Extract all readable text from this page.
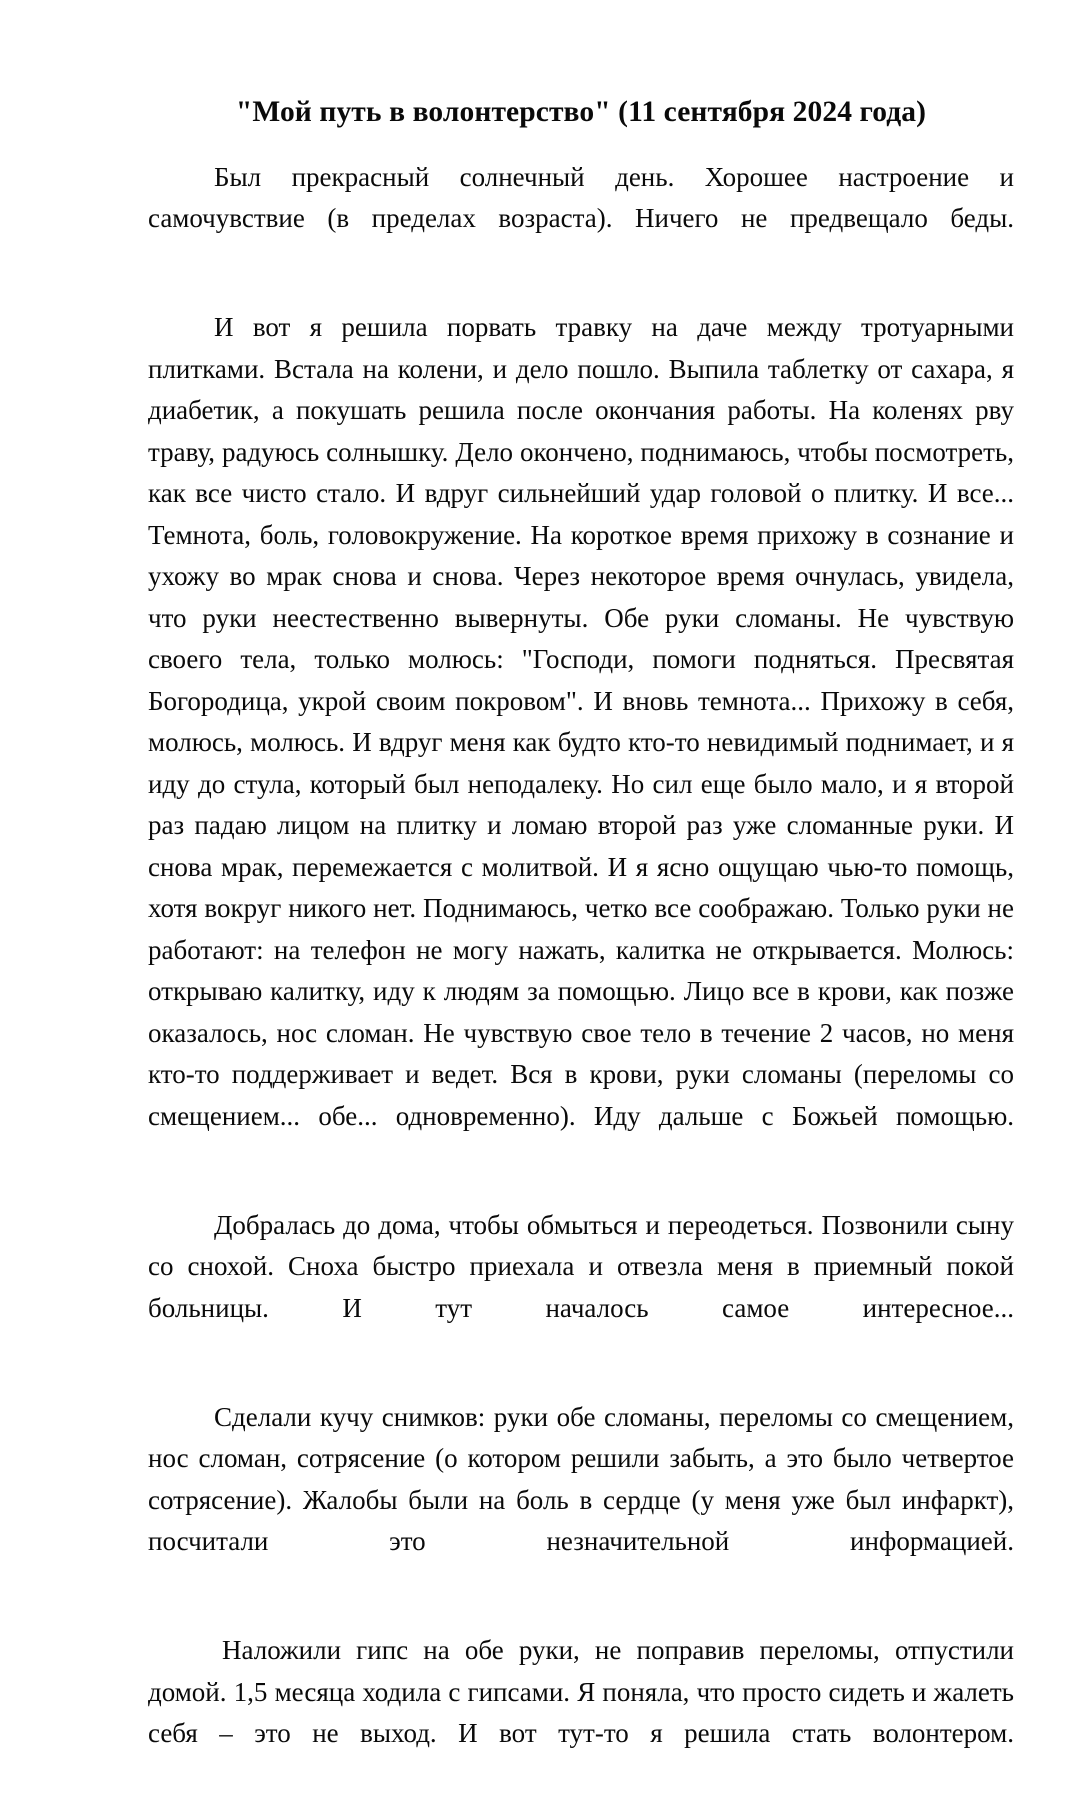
"Мой путь в волонтерство" (11 сентября 2024 года)

Был прекрасный солнечный день. Хорошее настроение и самочувствие (в пределах возраста). Ничего не предвещало беды.

И вот я решила порвать травку на даче между тротуарными плитками. Встала на колени, и дело пошло. Выпила таблетку от сахара, я диабетик, а покушать решила после окончания работы. На коленях рву траву, радуюсь солнышку. Дело окончено, поднимаюсь, чтобы посмотреть, как все чисто стало. И вдруг сильнейший удар головой о плитку. И все... Темнота, боль, головокружение. На короткое время прихожу в сознание и ухожу во мрак снова и снова. Через некоторое время очнулась, увидела, что руки неестественно вывернуты. Обе руки сломаны. Не чувствую своего тела, только молюсь: "Господи, помоги подняться. Пресвятая Богородица, укрой своим покровом". И вновь темнота... Прихожу в себя, молюсь, молюсь. И вдруг меня как будто кто-то невидимый поднимает, и я иду до стула, который был неподалеку. Но сил еще было мало, и я второй раз падаю лицом на плитку и ломаю второй раз уже сломанные руки. И снова мрак, перемежается с молитвой. И я ясно ощущаю чью-то помощь, хотя вокруг никого нет. Поднимаюсь, четко все соображаю. Только руки не работают: на телефон не могу нажать, калитка не открывается. Молюсь: открываю калитку, иду к людям за помощью. Лицо все в крови, как позже оказалось, нос сломан. Не чувствую свое тело в течение 2 часов, но меня кто-то поддерживает и ведет. Вся в крови, руки сломаны (переломы со смещением... обе... одновременно). Иду дальше с Божьей помощью.

Добралась до дома, чтобы обмыться и переодеться. Позвонили сыну со снохой. Сноха быстро приехала и отвезла меня в приемный покой больницы. И тут началось самое интересное...

Сделали кучу снимков: руки обе сломаны, переломы со смещением, нос сломан, сотрясение (о котором решили забыть, а это было четвертое сотрясение). Жалобы были на боль в сердце (у меня уже был инфаркт), посчитали это незначительной информацией.

Наложили гипс на обе руки, не поправив переломы, отпустили домой. 1,5 месяца ходила с гипсами. Я поняла, что просто сидеть и жалеть себя – это не выход. И вот тут-то я решила стать волонтером.
